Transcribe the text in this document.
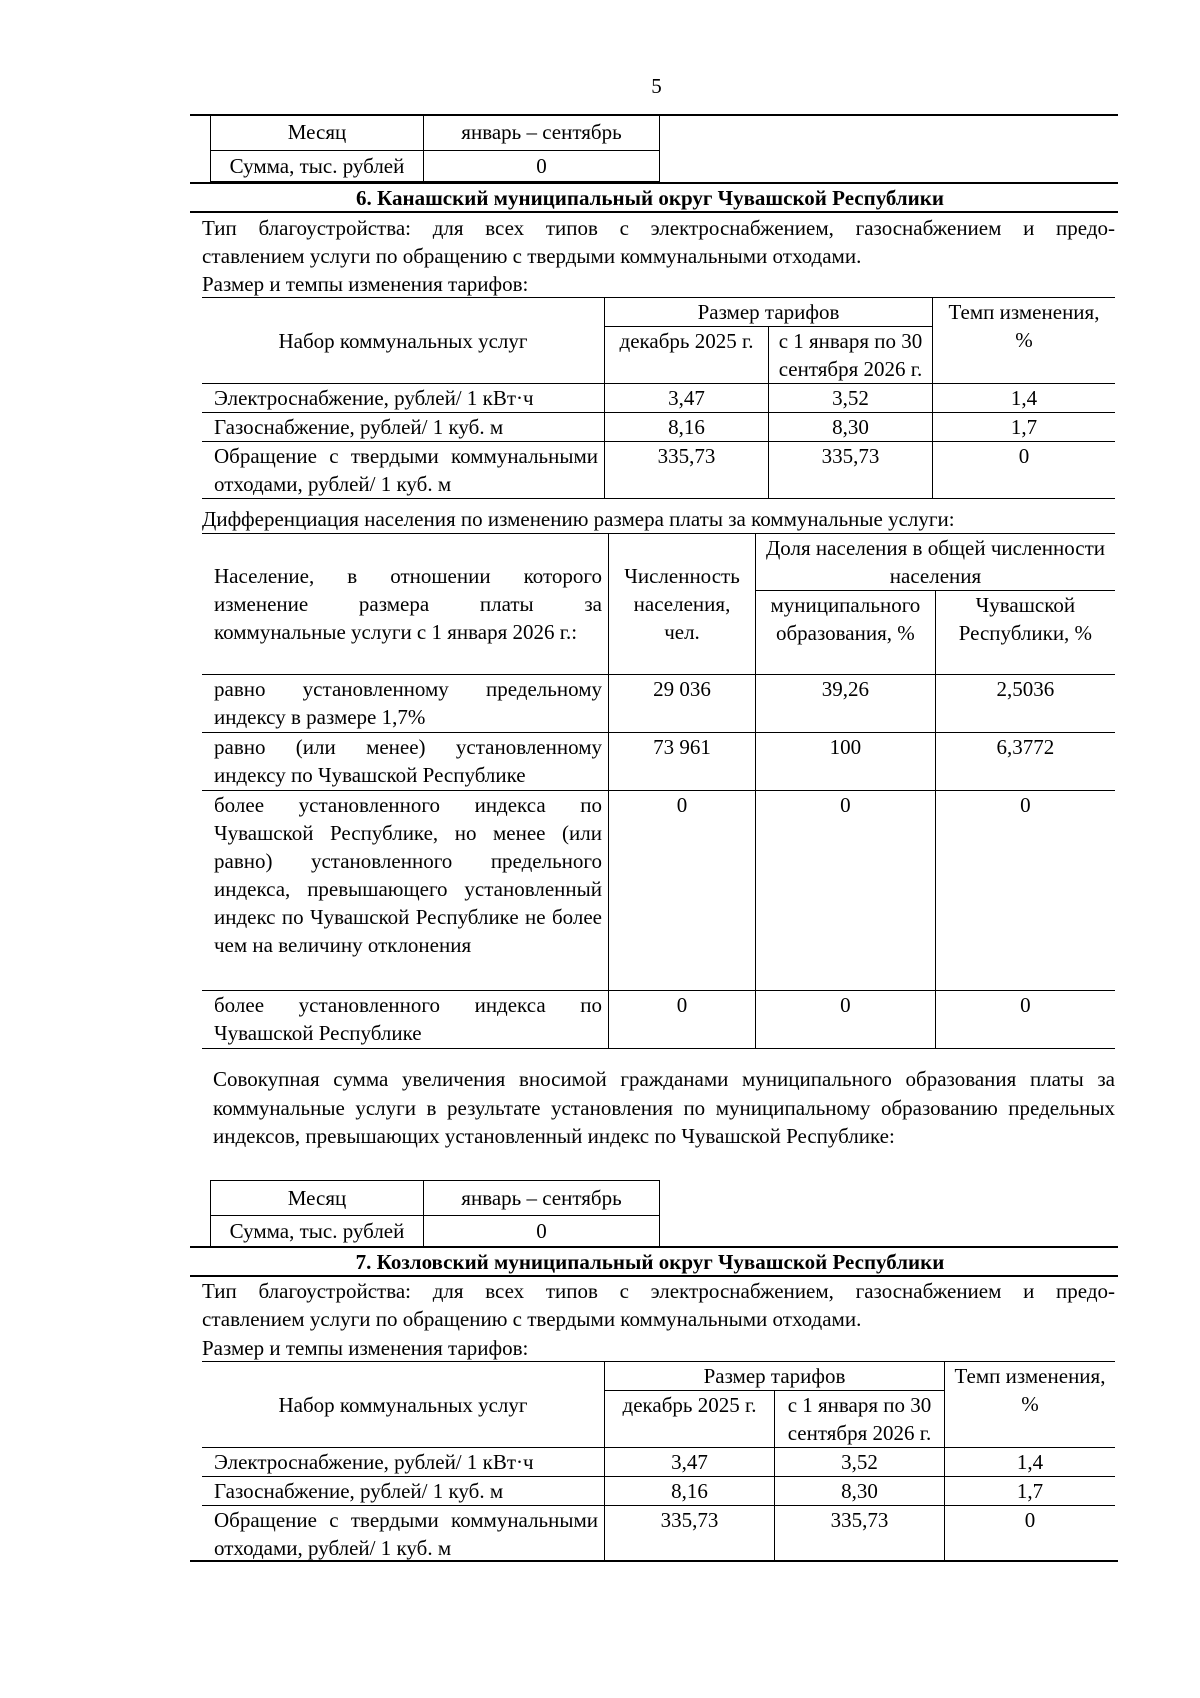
5
Месяц	январь – сентябрь
Сумма, тыс. рублей	0
6. Канашский муниципальный округ Чувашской Республики

Тип благоустройства: для всех типов с электроснабжением, газоснабжением и предо-

ставлением услуги по обращению с твердыми коммунальными отходами.

Размер и темпы изменения тарифов:
Набор коммунальных услуг	Размер тарифов		Темп изменения, %
	декабрь 2025 г.	с 1 января по 30 сентября 2026 г.	
Электроснабжение, рублей/ 1 кВт·ч	3,47	3,52	1,4
Газоснабжение, рублей/ 1 куб. м	8,16	8,30	1,7
Обращение с твердыми коммунальными отходами, рублей/ 1 куб. м	335,73	335,73	0
Дифференциация населения по изменению размера платы за коммунальные услуги:
Население, в отношении которого изменение размера платы за коммунальные услуги с 1 января 2026 г.:	Численность населения, чел.	Доля населения в общей численности населения	
		муниципального образования, %	Чувашской Республики, %
равно установленному предельному индексу в размере 1,7%	29 036	39,26	2,5036
равно (или менее) установленному индексу по Чувашской Республике	73 961	100	6,3772
более установленного индекса по Чувашской Республике, но менее (или равно) установленного предельного индекса, превышающего установленный индекс по Чувашской Республике не более чем на величину отклонения	0	0	0
более установленного индекса по Чувашской Республике	0	0	0
Совокупная сумма увеличения вносимой гражданами муниципального образования платы за коммунальные услуги в результате установления по муниципальному образованию предельных индексов, превышающих установленный индекс по Чувашской Республике:
Месяц	январь – сентябрь
Сумма, тыс. рублей	0
7. Козловский муниципальный округ Чувашской Республики

Тип благоустройства: для всех типов с электроснабжением, газоснабжением и предо-

ставлением услуги по обращению с твердыми коммунальными отходами.

Размер и темпы изменения тарифов:
Набор коммунальных услуг	Размер тарифов		Темп изменения, %
	декабрь 2025 г.	с 1 января по 30 сентября 2026 г.	
Электроснабжение, рублей/ 1 кВт·ч	3,47	3,52	1,4
Газоснабжение, рублей/ 1 куб. м	8,16	8,30	1,7
Обращение с твердыми коммунальными отходами, рублей/ 1 куб. м	335,73	335,73	0
